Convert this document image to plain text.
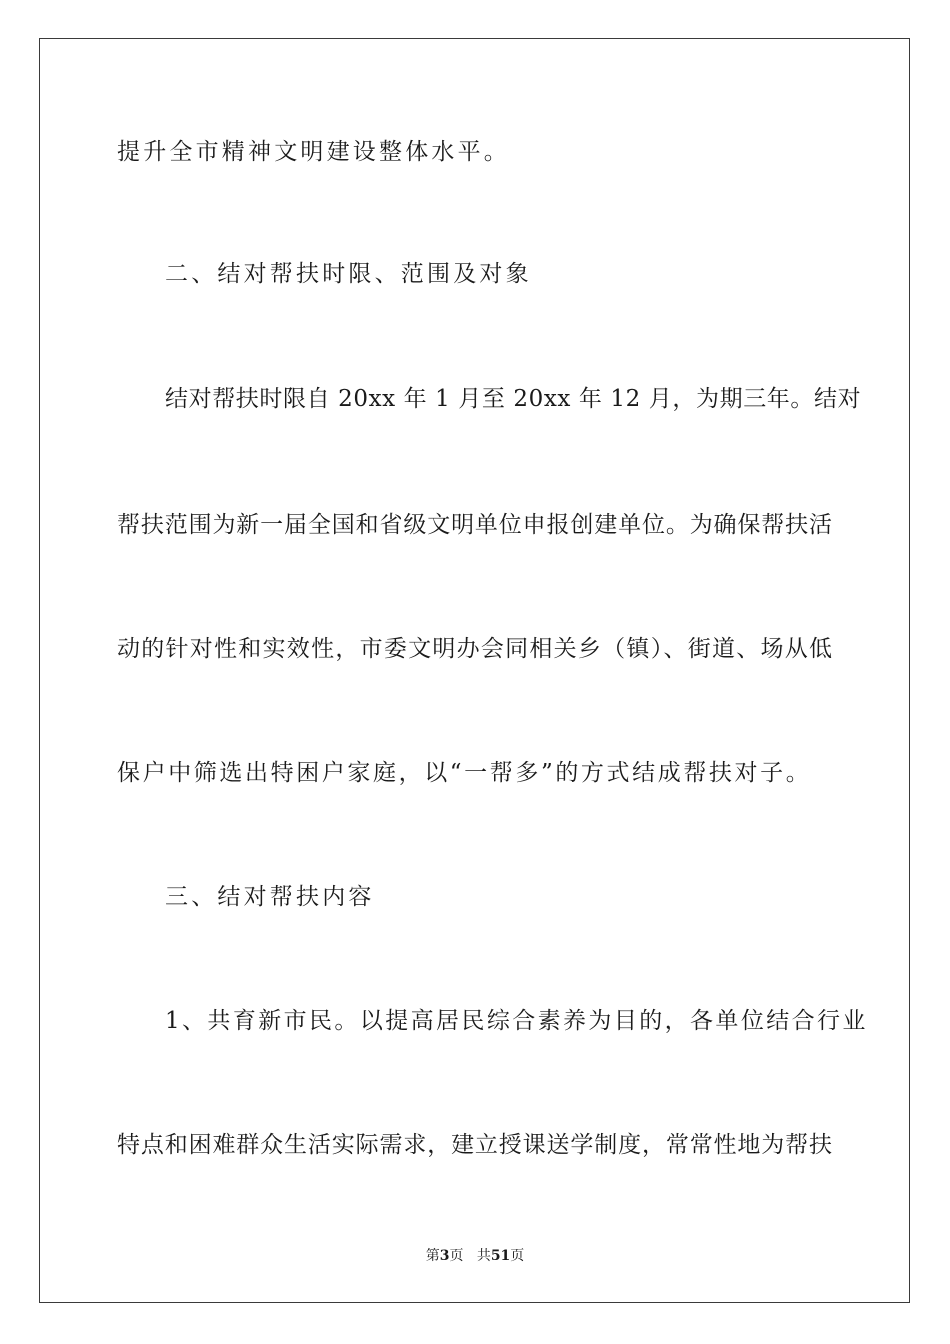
提升全市精神文明建设整体水平。
二、结对帮扶时限、范围及对象
结对帮扶时限自 20xx 年 1 月至 20xx 年 12 月，为期三年。结对
帮扶范围为新一届全国和省级文明单位申报创建单位。为确保帮扶活
动的针对性和实效性，市委文明办会同相关乡（镇）、街道、场从低
保户中筛选出特困户家庭，以“一帮多”的方式结成帮扶对子。
三、结对帮扶内容
1、共育新市民。以提高居民综合素养为目的，各单位结合行业
特点和困难群众生活实际需求，建立授课送学制度，常常性地为帮扶
第3页 共51页
